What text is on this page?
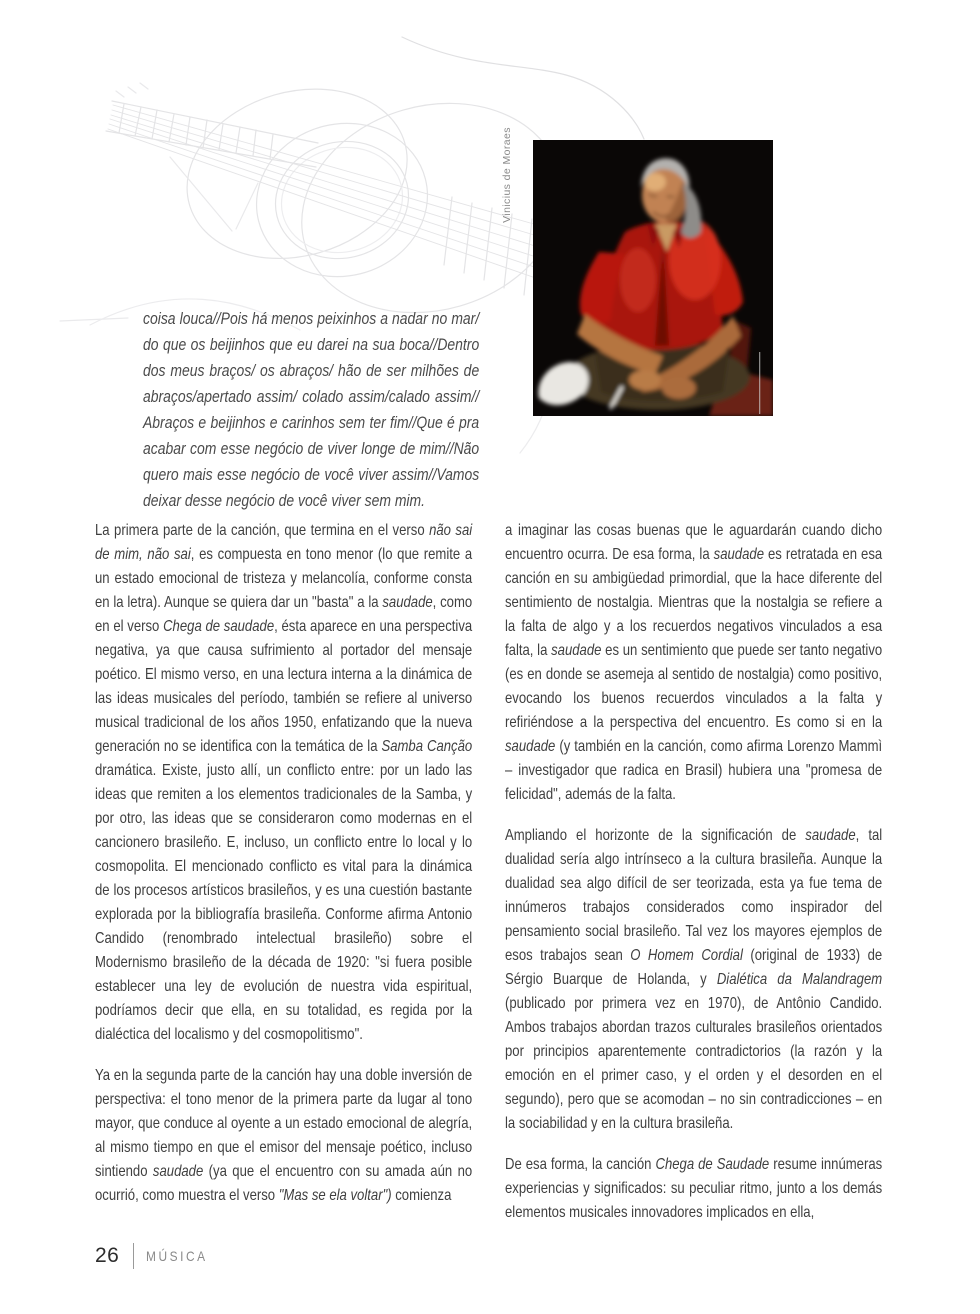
Vinicius de Moraes
coisa louca//Pois há menos peixinhos a nadar no mar/ do que os beijinhos que eu darei na sua boca//Dentro dos meus braços/ os abraços/ hão de ser milhões de abraços/apertado assim/ colado assim/calado assim// Abraços e beijinhos e carinhos sem ter fim//Que é pra acabar com esse negócio de viver longe de mim//Não quero mais esse negócio de você viver assim//Vamos deixar desse negócio de você viver sem mim.

La primera parte de la canción, que termina en el verso não sai de mim, não sai, es compuesta en tono menor (lo que remite a un estado emocional de tristeza y melancolía, conforme consta en la letra). Aunque se quiera dar un "basta" a la saudade, como en el verso Chega de saudade, ésta aparece en una perspectiva negativa, ya que causa sufrimiento al portador del mensaje poético. El mismo verso, en una lectura interna a la dinámica de las ideas musicales del período, también se refiere al universo musical tradicional de los años 1950, enfatizando que la nueva generación no se identifica con la temática de la Samba Canção dramática. Existe, justo allí, un conflicto entre: por un lado las ideas que remiten a los elementos tradicionales de la Samba, y por otro, las ideas que se consideraron como modernas en el cancionero brasileño. E, incluso, un conflicto entre lo local y lo cosmopolita. El mencionado conflicto es vital para la dinámica de los procesos artísticos brasileños, y es una cuestión bastante explorada por la bibliografía brasileña. Conforme afirma Antonio Candido (renombrado intelectual brasileño) sobre el Modernismo brasileño de la década de 1920: "si fuera posible establecer una ley de evolución de nuestra vida espiritual, podríamos decir que ella, en su totalidad, es regida por la dialéctica del localismo y del cosmopolitismo".

Ya en la segunda parte de la canción hay una doble inversión de perspectiva: el tono menor de la primera parte da lugar al tono mayor, que conduce al oyente a un estado emocional de alegría, al mismo tiempo en que el emisor del mensaje poético, incluso sintiendo saudade (ya que el encuentro con su amada aún no ocurrió, como muestra el verso "Mas se ela voltar") comienza

a imaginar las cosas buenas que le aguardarán cuando dicho encuentro ocurra. De esa forma, la saudade es retratada en esa canción en su ambigüedad primordial, que la hace diferente del sentimiento de nostalgia. Mientras que la nostalgia se refiere a la falta de algo y a los recuerdos negativos vinculados a esa falta, la saudade es un sentimiento que puede ser tanto negativo (es en donde se asemeja al sentido de nostalgia) como positivo, evocando los buenos recuerdos vinculados a la falta y refiriéndose a la perspectiva del encuentro. Es como si en la saudade (y también en la canción, como afirma Lorenzo Mammì – investigador que radica en Brasil) hubiera una "promesa de felicidad", además de la falta.

Ampliando el horizonte de la significación de saudade, tal dualidad sería algo intrínseco a la cultura brasileña. Aunque la dualidad sea algo difícil de ser teorizada, esta ya fue tema de innúmeros trabajos considerados como inspirador del pensamiento social brasileño. Tal vez los mayores ejemplos de esos trabajos sean O Homem Cordial (original de 1933) de Sérgio Buarque de Holanda, y Dialética da Malandragem (publicado por primera vez en 1970), de Antônio Candido. Ambos trabajos abordan trazos culturales brasileños orientados por principios aparentemente contradictorios (la razón y la emoción en el primer caso, y el orden y el desorden en el segundo), pero que se acomodan – no sin contradicciones – en la sociabilidad y en la cultura brasileña.

De esa forma, la canción Chega de Saudade resume innúmeras experiencias y significados: su peculiar ritmo, junto a los demás elementos musicales innovadores implicados en ella,

26 MÚSICA
